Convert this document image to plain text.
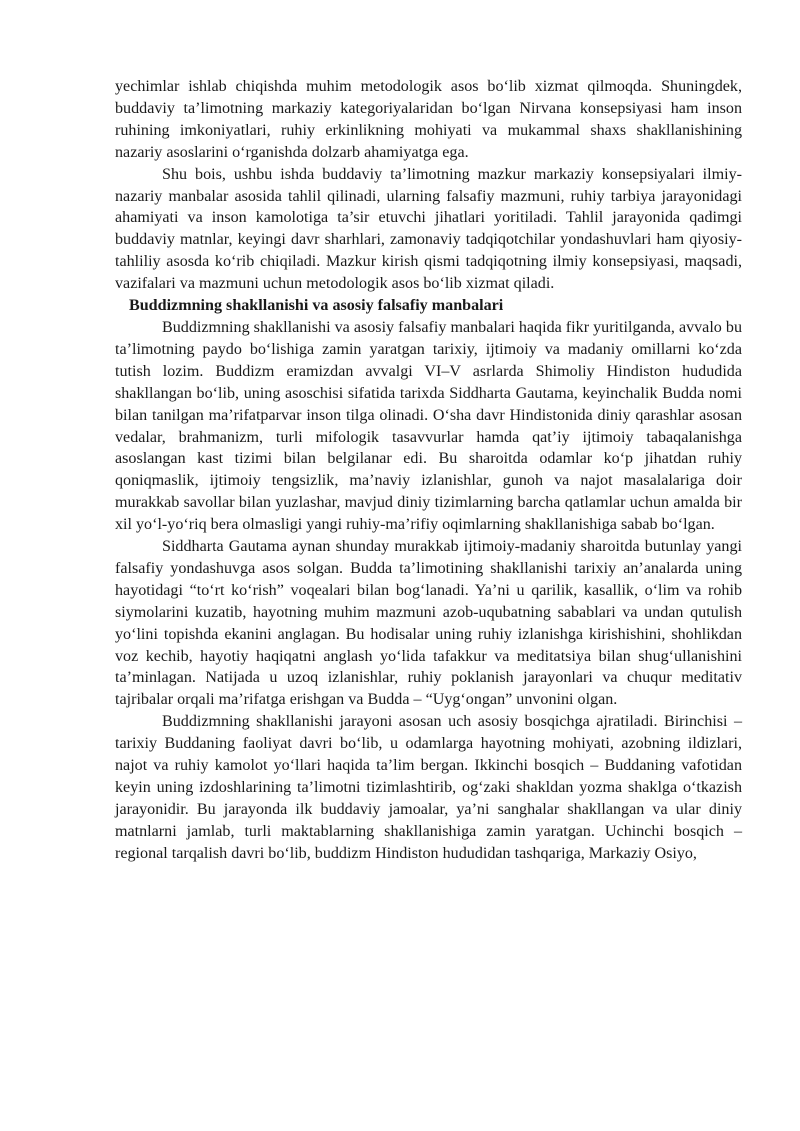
yechimlar ishlab chiqishda muhim metodologik asos bo‘lib xizmat qilmoqda. Shuningdek, buddaviy ta’limotning markaziy kategoriyalaridan bo‘lgan Nirvana konsepsiyasi ham inson ruhining imkoniyatlari, ruhiy erkinlikning mohiyati va mukammal shaxs shakllanishining nazariy asoslarini o‘rganishda dolzarb ahamiyatga ega.

Shu bois, ushbu ishda buddaviy ta’limotning mazkur markaziy konsepsiyalari ilmiy-nazariy manbalar asosida tahlil qilinadi, ularning falsafiy mazmuni, ruhiy tarbiya jarayonidagi ahamiyati va inson kamolotiga ta’sir etuvchi jihatlari yoritiladi. Tahlil jarayonida qadimgi buddaviy matnlar, keyingi davr sharhlari, zamonaviy tadqiqotchilar yondashuvlari ham qiyosiy-tahliliy asosda ko‘rib chiqiladi. Mazkur kirish qismi tadqiqotning ilmiy konsepsiyasi, maqsadi, vazifalari va mazmuni uchun metodologik asos bo‘lib xizmat qiladi.

Buddizmning shakllanishi va asosiy falsafiy manbalari

Buddizmning shakllanishi va asosiy falsafiy manbalari haqida fikr yuritilganda, avvalo bu ta’limotning paydo bo‘lishiga zamin yaratgan tarixiy, ijtimoiy va madaniy omillarni ko‘zda tutish lozim. Buddizm eramizdan avvalgi VI–V asrlarda Shimoliy Hindiston hududida shakllangan bo‘lib, uning asoschisi sifatida tarixda Siddharta Gautama, keyinchalik Budda nomi bilan tanilgan ma’rifatparvar inson tilga olinadi. O‘sha davr Hindistonida diniy qarashlar asosan vedalar, brahmanizm, turli mifologik tasavvurlar hamda qat’iy ijtimoiy tabaqalanishga asoslangan kast tizimi bilan belgilanar edi. Bu sharoitda odamlar ko‘p jihatdan ruhiy qoniqmaslik, ijtimoiy tengsizlik, ma’naviy izlanishlar, gunoh va najot masalalariga doir murakkab savollar bilan yuzlashar, mavjud diniy tizimlarning barcha qatlamlar uchun amalda bir xil yo‘l-yo‘riq bera olmasligi yangi ruhiy-ma’rifiy oqimlarning shakllanishiga sabab bo‘lgan.

Siddharta Gautama aynan shunday murakkab ijtimoiy-madaniy sharoitda butunlay yangi falsafiy yondashuvga asos solgan. Budda ta’limotining shakllanishi tarixiy an’analarda uning hayotidagi “to‘rt ko‘rish” voqealari bilan bog‘lanadi. Ya’ni u qarilik, kasallik, o‘lim va rohib siymolarini kuzatib, hayotning muhim mazmuni azob-uqubatning sabablari va undan qutulish yo‘lini topishda ekanini anglagan. Bu hodisalar uning ruhiy izlanishga kirishishini, shohlikdan voz kechib, hayotiy haqiqatni anglash yo‘lida tafakkur va meditatsiya bilan shug‘ullanishini ta’minlagan. Natijada u uzoq izlanishlar, ruhiy poklanish jarayonlari va chuqur meditativ tajribalar orqali ma’rifatga erishgan va Budda – “Uyg‘ongan” unvonini olgan.

Buddizmning shakllanishi jarayoni asosan uch asosiy bosqichga ajratiladi. Birinchisi – tarixiy Buddaning faoliyat davri bo‘lib, u odamlarga hayotning mohiyati, azobning ildizlari, najot va ruhiy kamolot yo‘llari haqida ta’lim bergan. Ikkinchi bosqich – Buddaning vafotidan keyin uning izdoshlarining ta’limotni tizimlashtirib, og‘zaki shakldan yozma shaklga o‘tkazish jarayonidir. Bu jarayonda ilk buddaviy jamoalar, ya’ni sanghalar shakllangan va ular diniy matnlarni jamlab, turli maktablarning shakllanishiga zamin yaratgan. Uchinchi bosqich – regional tarqalish davri bo‘lib, buddizm Hindiston hududidan tashqariga, Markaziy Osiyo,
